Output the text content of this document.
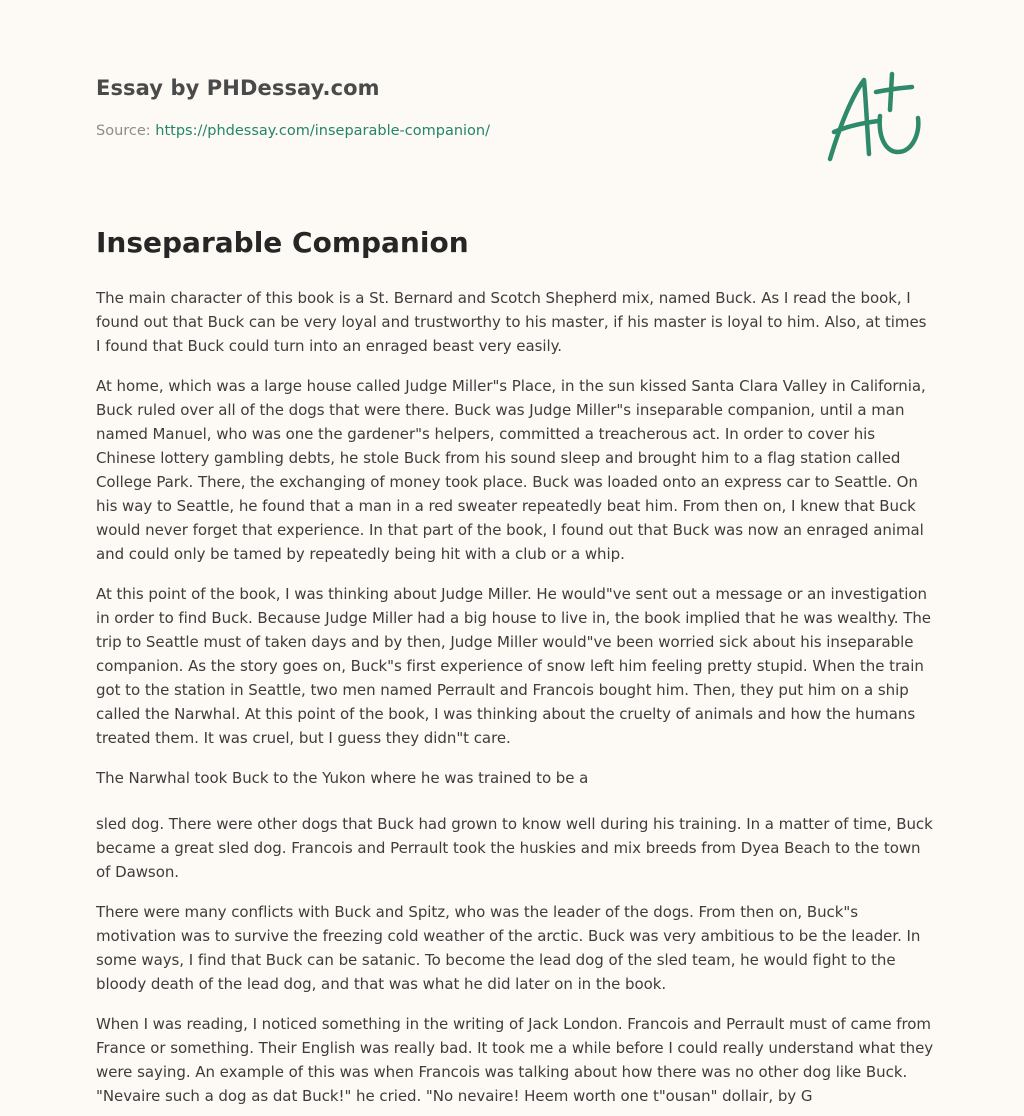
Essay by PHDessay.com
Source: https://phdessay.com/inseparable-companion/
Inseparable Companion

The main character of this book is a St. Bernard and Scotch Shepherd mix, named Buck. As I read the book, I found out that Buck can be very loyal and trustworthy to his master, if his master is loyal to him. Also, at times I found that Buck could turn into an enraged beast very easily.

At home, which was a large house called Judge Miller"s Place, in the sun kissed Santa Clara Valley in California, Buck ruled over all of the dogs that were there. Buck was Judge Miller"s inseparable companion, until a man named Manuel, who was one the gardener"s helpers, committed a treacherous act. In order to cover his Chinese lottery gambling debts, he stole Buck from his sound sleep and brought him to a flag station called College Park. There, the exchanging of money took place. Buck was loaded onto an express car to Seattle. On his way to Seattle, he found that a man in a red sweater repeatedly beat him. From then on, I knew that Buck would never forget that experience. In that part of the book, I found out that Buck was now an enraged animal and could only be tamed by repeatedly being hit with a club or a whip.

At this point of the book, I was thinking about Judge Miller. He would"ve sent out a message or an investigation in order to find Buck. Because Judge Miller had a big house to live in, the book implied that he was wealthy. The trip to Seattle must of taken days and by then, Judge Miller would"ve been worried sick about his inseparable companion. As the story goes on, Buck"s first experience of snow left him feeling pretty stupid. When the train got to the station in Seattle, two men named Perrault and Francois bought him. Then, they put him on a ship called the Narwhal. At this point of the book, I was thinking about the cruelty of animals and how the humans treated them. It was cruel, but I guess they didn"t care.

The Narwhal took Buck to the Yukon where he was trained to be a

sled dog. There were other dogs that Buck had grown to know well during his training. In a matter of time, Buck became a great sled dog. Francois and Perrault took the huskies and mix breeds from Dyea Beach to the town of Dawson.

There were many conflicts with Buck and Spitz, who was the leader of the dogs. From then on, Buck"s motivation was to survive the freezing cold weather of the arctic. Buck was very ambitious to be the leader. In some ways, I find that Buck can be satanic. To become the lead dog of the sled team, he would fight to the bloody death of the lead dog, and that was what he did later on in the book.

When I was reading, I noticed something in the writing of Jack London. Francois and Perrault must of came from France or something. Their English was really bad. It took me a while before I could really understand what they were saying. An example of this was when Francois was talking about how there was no other dog like Buck. "Nevaire such a dog as dat Buck!" he cried. "No nevaire! Heem worth one t"ousan" dollair, by G
